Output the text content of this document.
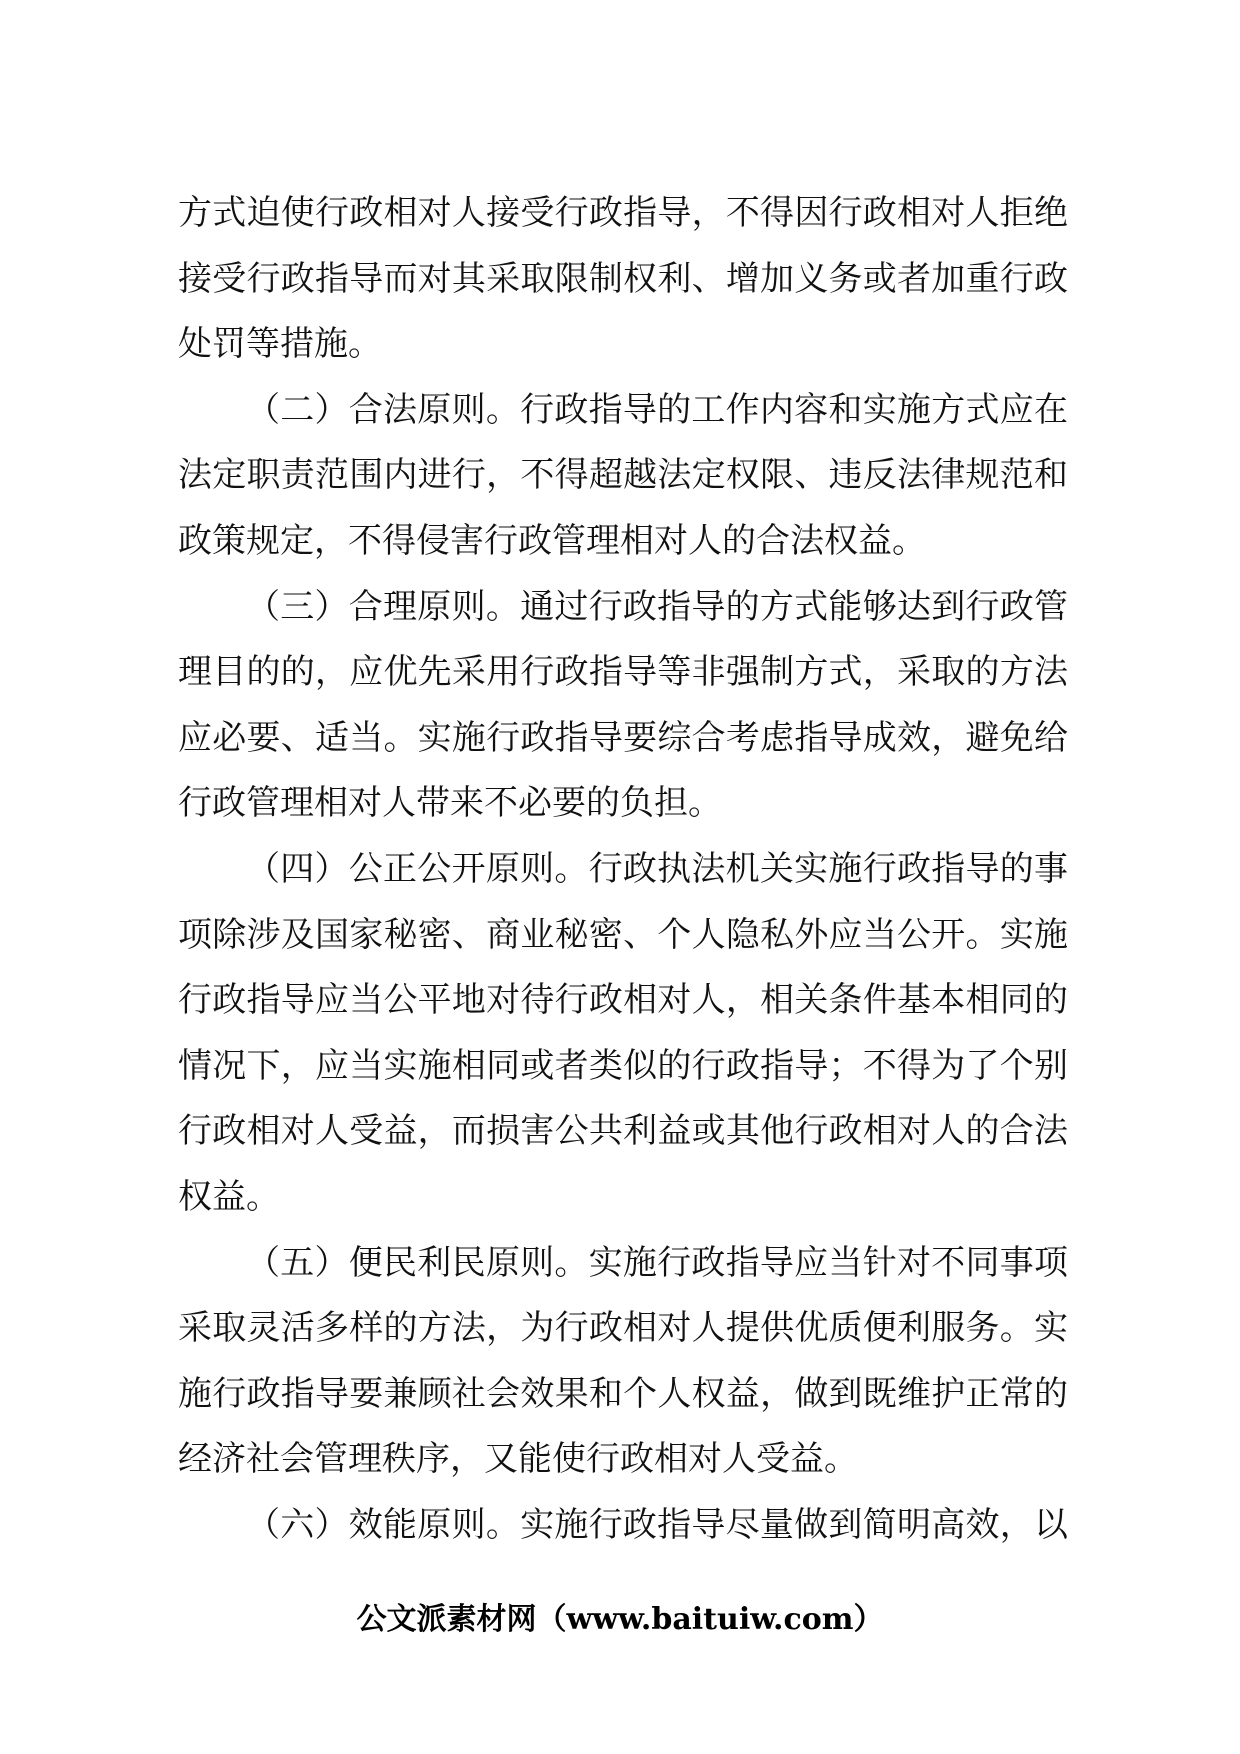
方式迫使行政相对人接受行政指导，不得因行政相对人拒绝
接受行政指导而对其采取限制权利、增加义务或者加重行政
处罚等措施。
（二）合法原则。行政指导的工作内容和实施方式应在
法定职责范围内进行，不得超越法定权限、违反法律规范和
政策规定，不得侵害行政管理相对人的合法权益。
（三）合理原则。通过行政指导的方式能够达到行政管
理目的的，应优先采用行政指导等非强制方式，采取的方法
应必要、适当。实施行政指导要综合考虑指导成效，避免给
行政管理相对人带来不必要的负担。
（四）公正公开原则。行政执法机关实施行政指导的事
项除涉及国家秘密、商业秘密、个人隐私外应当公开。实施
行政指导应当公平地对待行政相对人，相关条件基本相同的
情况下，应当实施相同或者类似的行政指导；不得为了个别
行政相对人受益，而损害公共利益或其他行政相对人的合法
权益。
（五）便民利民原则。实施行政指导应当针对不同事项
采取灵活多样的方法，为行政相对人提供优质便利服务。实
施行政指导要兼顾社会效果和个人权益，做到既维护正常的
经济社会管理秩序，又能使行政相对人受益。
（六）效能原则。实施行政指导尽量做到简明高效，以
公文派素材网（www.baituiw.com）
